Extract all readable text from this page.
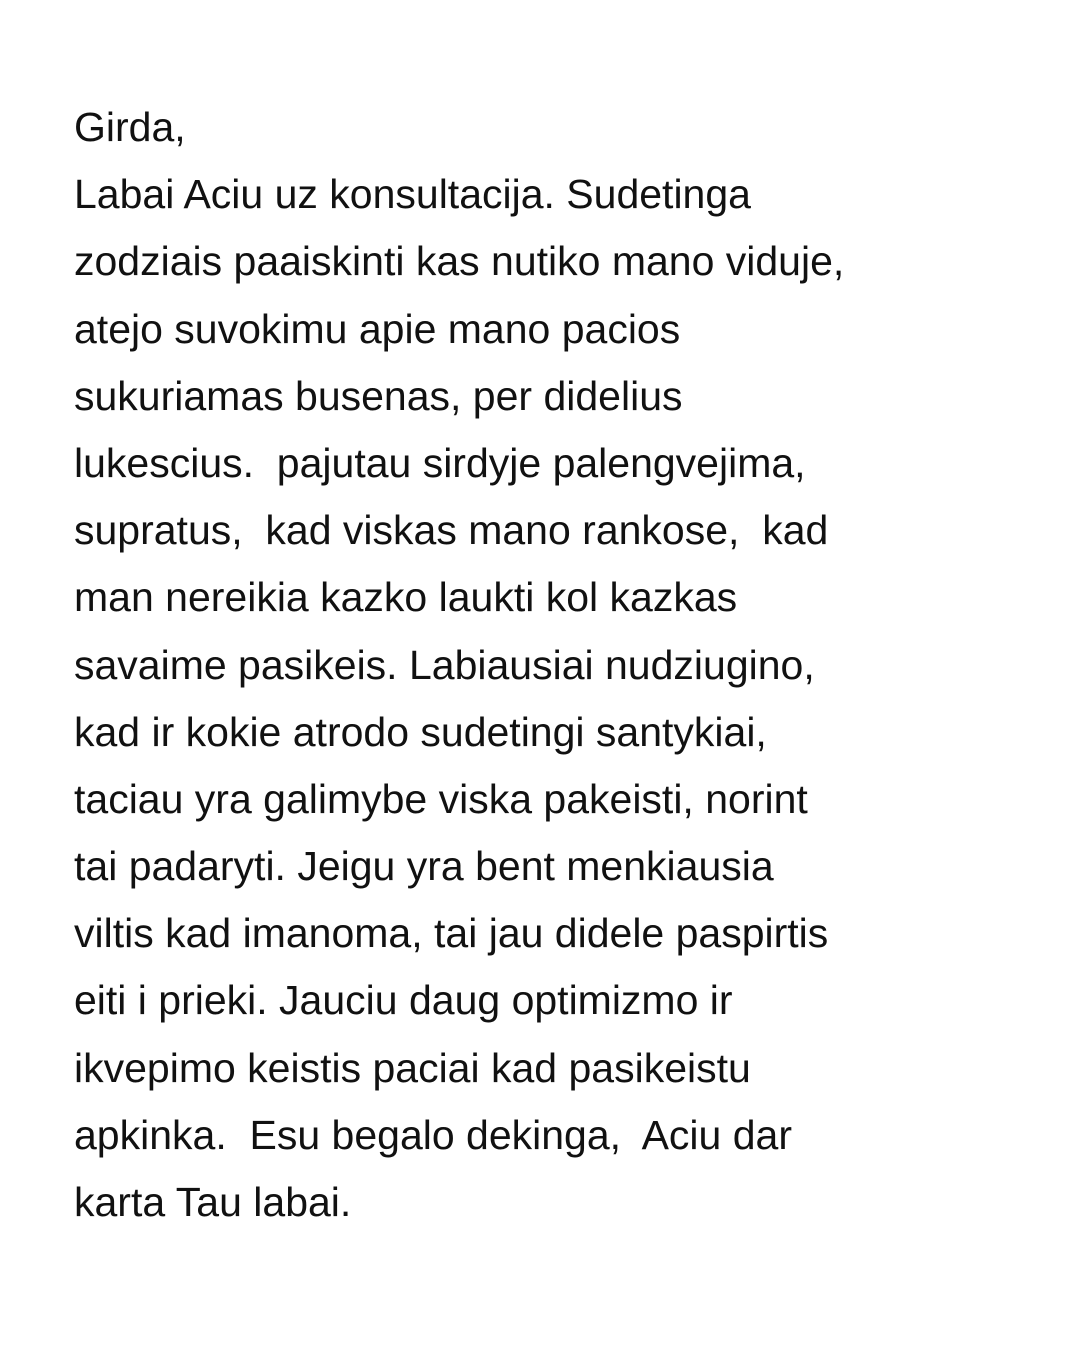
Girda,
Labai Aciu uz konsultacija. Sudetinga
zodziais paaiskinti kas nutiko mano viduje,
atejo suvokimu apie mano pacios
sukuriamas busenas, per didelius
lukescius.  pajutau sirdyje palengvejima,
supratus,  kad viskas mano rankose,  kad
man nereikia kazko laukti kol kazkas
savaime pasikeis. Labiausiai nudziugino,
kad ir kokie atrodo sudetingi santykiai,
taciau yra galimybe viska pakeisti, norint
tai padaryti. Jeigu yra bent menkiausia
viltis kad imanoma, tai jau didele paspirtis
eiti i prieki. Jauciu daug optimizmo ir
ikvepimo keistis paciai kad pasikeistu
apkinka.  Esu begalo dekinga,  Aciu dar
karta Tau labai.
